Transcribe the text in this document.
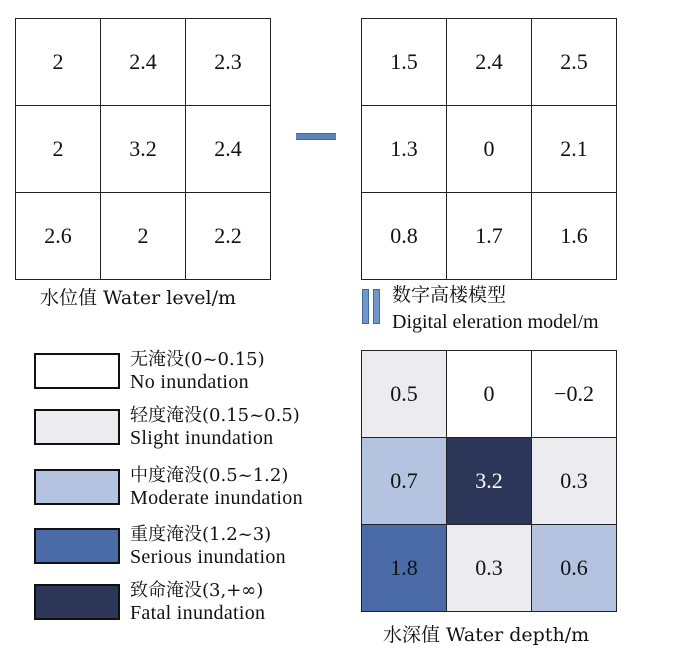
2	2.4	2.3
2	3.2	2.4
2.6	2	2.2
1.5	2.4	2.5
1.3	0	2.1
0.8	1.7	1.6
水位值 Water level/m	数字高楼模型
Digital eleration model/m
无淹没(0~0.15)
No inundation
轻度淹没(0.15~0.5)
Slight inundation
中度淹没(0.5~1.2)
Moderate inundation
重度淹没(1.2~3)
Serious inundation
致命淹没(3,+∞)
Fatal inundation
0.5	0	−0.2
0.7	3.2	0.3
1.8	0.3	0.6
水深值 Water depth/m
